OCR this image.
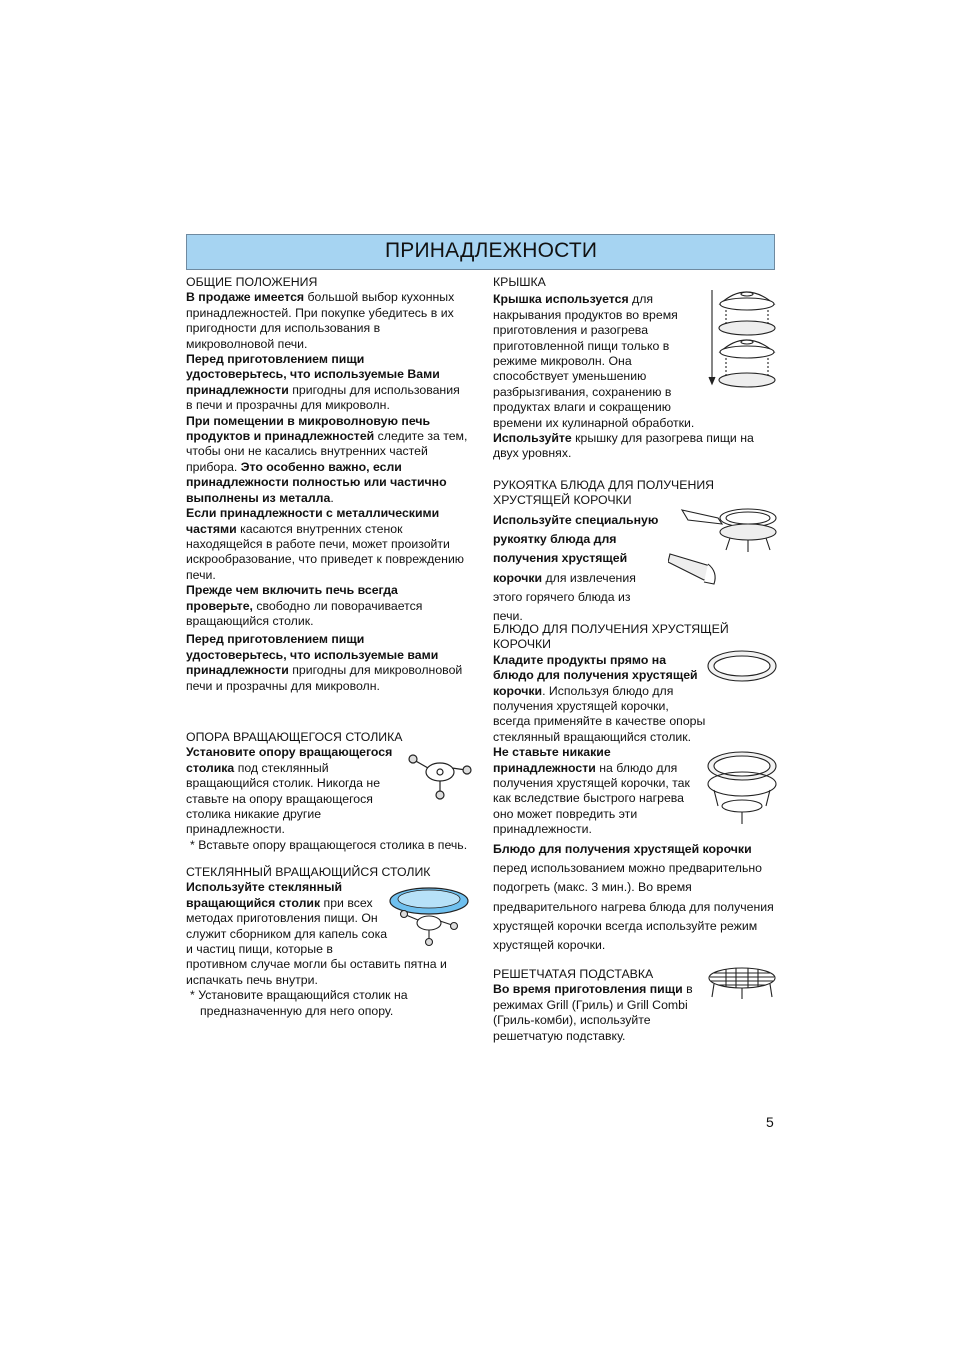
ПРИНАДЛЕЖНОСТИ

ОБЩИЕ ПОЛОЖЕНИЯ

В продаже имеется большой выбор кухонных принадлежностей. При покупке убедитесь в их пригодности для использования в микроволновой печи.

Перед приготовлением пищи удостоверьтесь, что используемые Вами принадлежности пригодны для использования в печи и прозрачны для микроволн.

При помещении в микроволновую печь продуктов и принадлежностей следите за тем, чтобы они не касались внутренних частей прибора. Это особенно важно, если принадлежности полностью или частично выполнены из металла.

Если принадлежности с металлическими частями касаются внутренних стенок находящейся в работе печи, может произойти искрообразование, что приведет к повреждению печи.

Прежде чем включить печь всегда проверьте, свободно ли поворачивается вращающийся столик.

Перед приготовлением пищи удостоверьтесь, что используемые вами принадлежности пригодны для микроволновой печи и прозрачны для микроволн.

ОПОРА ВРАЩАЮЩЕГОСЯ СТОЛИКА

Установите опору вращающегося столика под стеклянный вращающийся столик. Никогда не ставьте на опору вращающегося столика никакие другие принадлежности.

* Вставьте опору вращающегося столика в печь.

СТЕКЛЯННЫЙ ВРАЩАЮЩИЙСЯ СТОЛИК

Используйте стеклянный вращающийся столик при всех методах приготовления пищи. Он служит сборником для капель сока и частиц пищи, которые в противном случае могли бы оставить пятна и испачкать печь внутри.

* Установите вращающийся столик на предназначенную для него опору.

КРЫШКА

Крышка используется для накрывания продуктов во время приготовления и разогрева приготовленной пищи только в режиме микроволн. Она способствует уменьшению разбрызгивания, сохранению в продуктах влаги и сокращению времени их кулинарной обработки.

Используйте крышку для разогрева пищи на двух уровнях.

РУКОЯТКА БЛЮДА ДЛЯ ПОЛУЧЕНИЯ ХРУСТЯЩЕЙ КОРОЧКИ

Используйте специальную рукоятку блюда для получения хрустящей корочки для извлечения этого горячего блюда из печи.

БЛЮДО ДЛЯ ПОЛУЧЕНИЯ ХРУСТЯЩЕЙ КОРОЧКИ

Кладите продукты прямо на блюдо для получения хрустящей корочки. Используя блюдо для получения хрустящей корочки, всегда применяйте в качестве опоры стеклянный вращающийся столик.

Не ставьте никакие принадлежности на блюдо для получения хрустящей корочки, так как вследствие быстрого нагрева оно может повредить эти принадлежности.

Блюдо для получения хрустящей корочки перед использованием можно предварительно подогреть (макс. 3 мин.). Во время предварительного нагрева блюда для получения хрустящей корочки всегда используйте режим хрустящей корочки.

РЕШЕТЧАТАЯ ПОДСТАВКА

Во время приготовления пищи в режимах Grill (Гриль) и Grill Combi (Гриль-комби), используйте решетчатую подставку.

5
